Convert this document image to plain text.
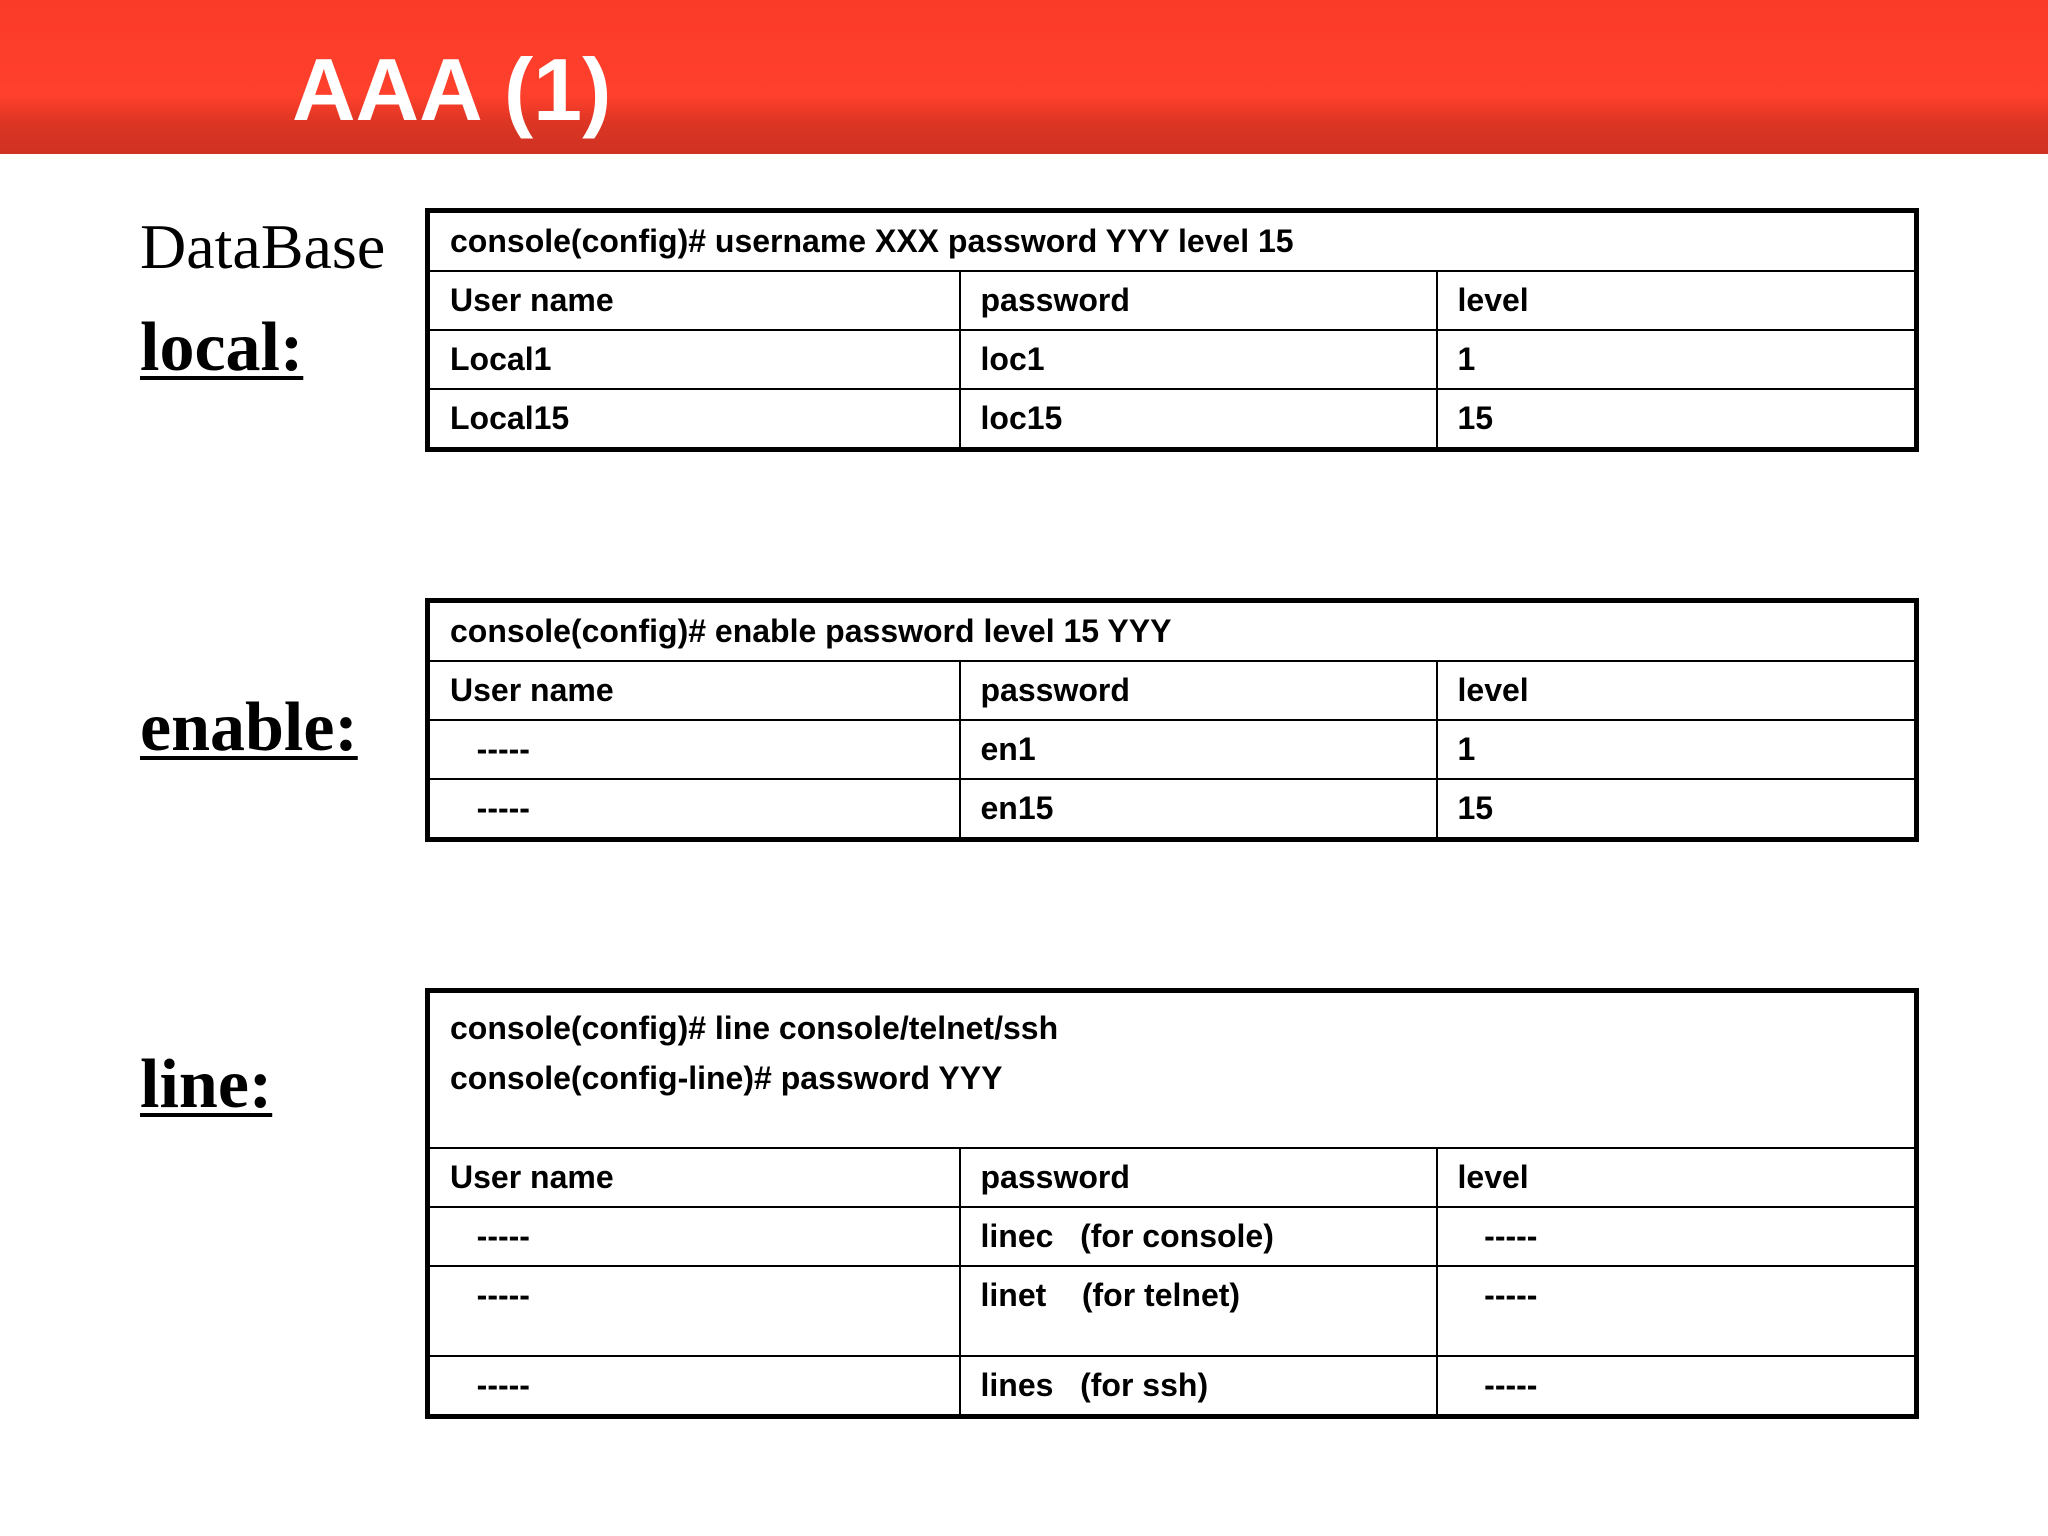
AAA (1)
DataBase
local:
console(config)# username XXX password YYY level 15		
User name	password	level
Local1	loc1	1
Local15	loc15	15
enable:
console(config)# enable password level 15 YYY		
User name	password	level
-----	en1	1
-----	en15	15
line:
console(config)# line console/telnet/ssh
console(config-line)# password YYY		

User name	password	level
-----	linec   (for console)	-----
-----	linet    (for telnet)	-----
-----	lines   (for ssh)	-----
